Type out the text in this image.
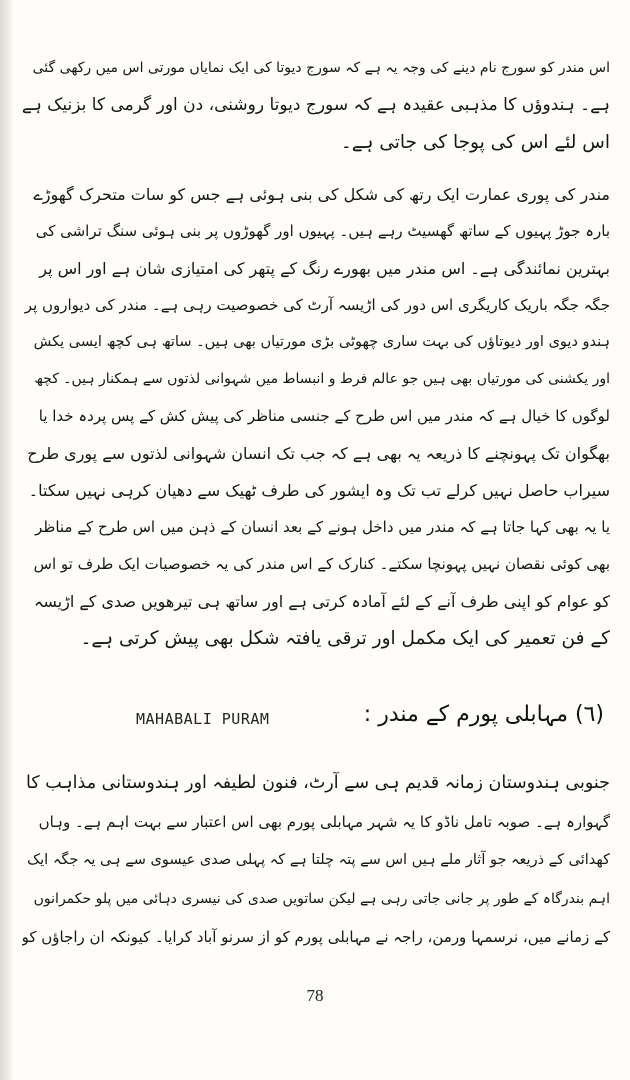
اس مندر کو سورج نام دینے کی وجہ یہ ہے کہ سورج دیوتا کی ایک نمایاں مورتی اس میں رکھی گئی
ہے۔ ہندوؤں کا مذہبی عقیدہ ہے کہ سورج دیوتا روشنی، دن اور گرمی کا بزنیک ہے
اس لئے اس کی پوجا کی جاتی ہے۔
مندر کی پوری عمارت ایک رتھ کی شکل کی بنی ہوئی ہے جس کو سات متحرک گھوڑے
بارہ جوڑ پہیوں کے ساتھ گھسیٹ رہے ہیں۔ پہیوں اور گھوڑوں پر بنی ہوئی سنگ تراشی کی
بہترین نمائندگی ہے۔ اس مندر میں بھورے رنگ کے پتھر کی امتیازی شان ہے اور اس پر
جگہ جگہ باریک کاریگری اس دور کی اڑیسہ آرٹ کی خصوصیت رہی ہے۔ مندر کی دیواروں پر
ہندو دیوی اور دیوتاؤں کی بہت ساری چھوٹی بڑی مورتیاں بھی ہیں۔ ساتھ ہی کچھ ایسی یکش
اور یکشنی کی مورتیاں بھی ہیں جو عالم فرط و انبساط میں شہوانی لذتوں سے ہمکنار ہیں۔ کچھ
لوگوں کا خیال ہے کہ مندر میں اس طرح کے جنسی مناظر کی پیش کش کے پس پردہ خدا یا
بھگوان تک پہونچنے کا ذریعہ یہ بھی ہے کہ جب تک انسان شہوانی لذتوں سے پوری طرح
سیراب حاصل نہیں کرلے تب تک وہ ایشور کی طرف ٹھیک سے دھیان کرہی نہیں سکتا۔
یا یہ بھی کہا جاتا ہے کہ مندر میں داخل ہونے کے بعد انسان کے ذہن میں اس طرح کے مناظر
بھی کوئی نقصان نہیں پہونچا سکتے۔ کنارک کے اس مندر کی یہ خصوصیات ایک طرف تو اس
کو عوام کو اپنی طرف آنے کے لئے آمادہ کرتی ہے اور ساتھ ہی تیرھویں صدی کے اڑیسہ
کے فن تعمیر کی ایک مکمل اور ترقی یافتہ شکل بھی پیش کرتی ہے۔
MAHABALI PURAM	(٦) مہابلی پورم کے مندر :
جنوبی ہندوستان زمانہ قدیم ہی سے آرٹ، فنون لطیفہ اور ہندوستانی مذاہب کا
گہوارہ ہے۔ صوبہ تامل ناڈو کا یہ شہر مہابلی پورم بھی اس اعتبار سے بہت اہم ہے۔ وہاں
کھدائی کے ذریعہ جو آثار ملے ہیں اس سے پتہ چلتا ہے کہ پہلی صدی عیسوی سے ہی یہ جگہ ایک
اہم بندرگاہ کے طور پر جانی جاتی رہی ہے لیکن ساتویں صدی کی نیسری دہائی میں پلو حکمرانوں
کے زمانے میں، نرسمہا ورمن، راجہ نے مہابلی پورم کو از سرنو آباد کرایا۔ کیونکہ ان راجاؤں کو
78
